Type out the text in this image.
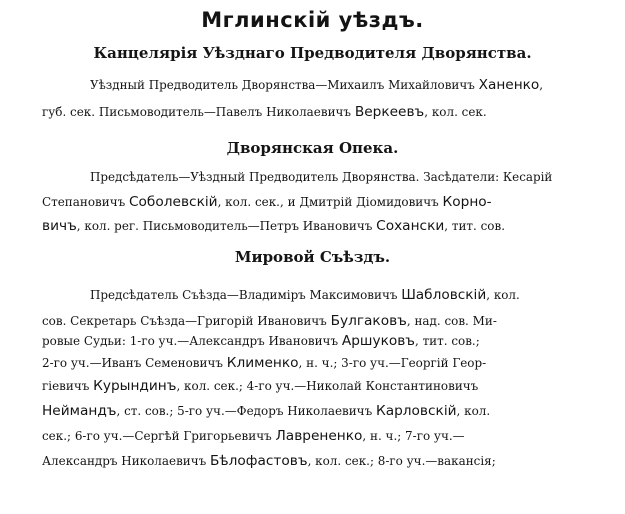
Мглинскій уѣздъ.
Канцелярія Уѣзднаго Предводителя Дворянства.

Уѣздный Предводитель Дворянства—Михаилъ Михайловичъ Ханенко,

губ. сек. Письмоводитель—Павелъ Николаевичъ Веркеевъ, кол. сек.

Дворянская Опека.

Предсѣдатель—Уѣздный Предводитель Дворянства. Засѣдатели: Кесарій

Степановичъ Соболевскій, кол. сек., и Дмитрій Діомидовичъ Корно-

вичъ, кол. рег. Письмоводитель—Петръ Ивановичъ Сохански, тит. сов.

Мировой Съѣздъ.

Предсѣдатель Съѣзда—Владиміръ Максимовичъ Шабловскій, кол.

сов. Секретарь Съѣзда—Григорій Ивановичъ Булгаковъ, над. сов. Ми-

ровые Судьи: 1-го уч.—Александръ Ивановичъ Аршуковъ, тит. сов.;

2-го уч.—Иванъ Семеновичъ Клименко, н. ч.; 3-го уч.—Георгій Геор-

гіевичъ Курындинъ, кол. сек.; 4-го уч.—Николай Константиновичъ

Неймандъ, ст. сов.; 5-го уч.—Федоръ Николаевичъ Карловскій, кол.

сек.; 6-го уч.—Сергѣй Григорьевичъ Лаврененко, н. ч.; 7-го уч.—

Александръ Николаевичъ Бѣлофастовъ, кол. сек.; 8-го уч.—вакансія;
